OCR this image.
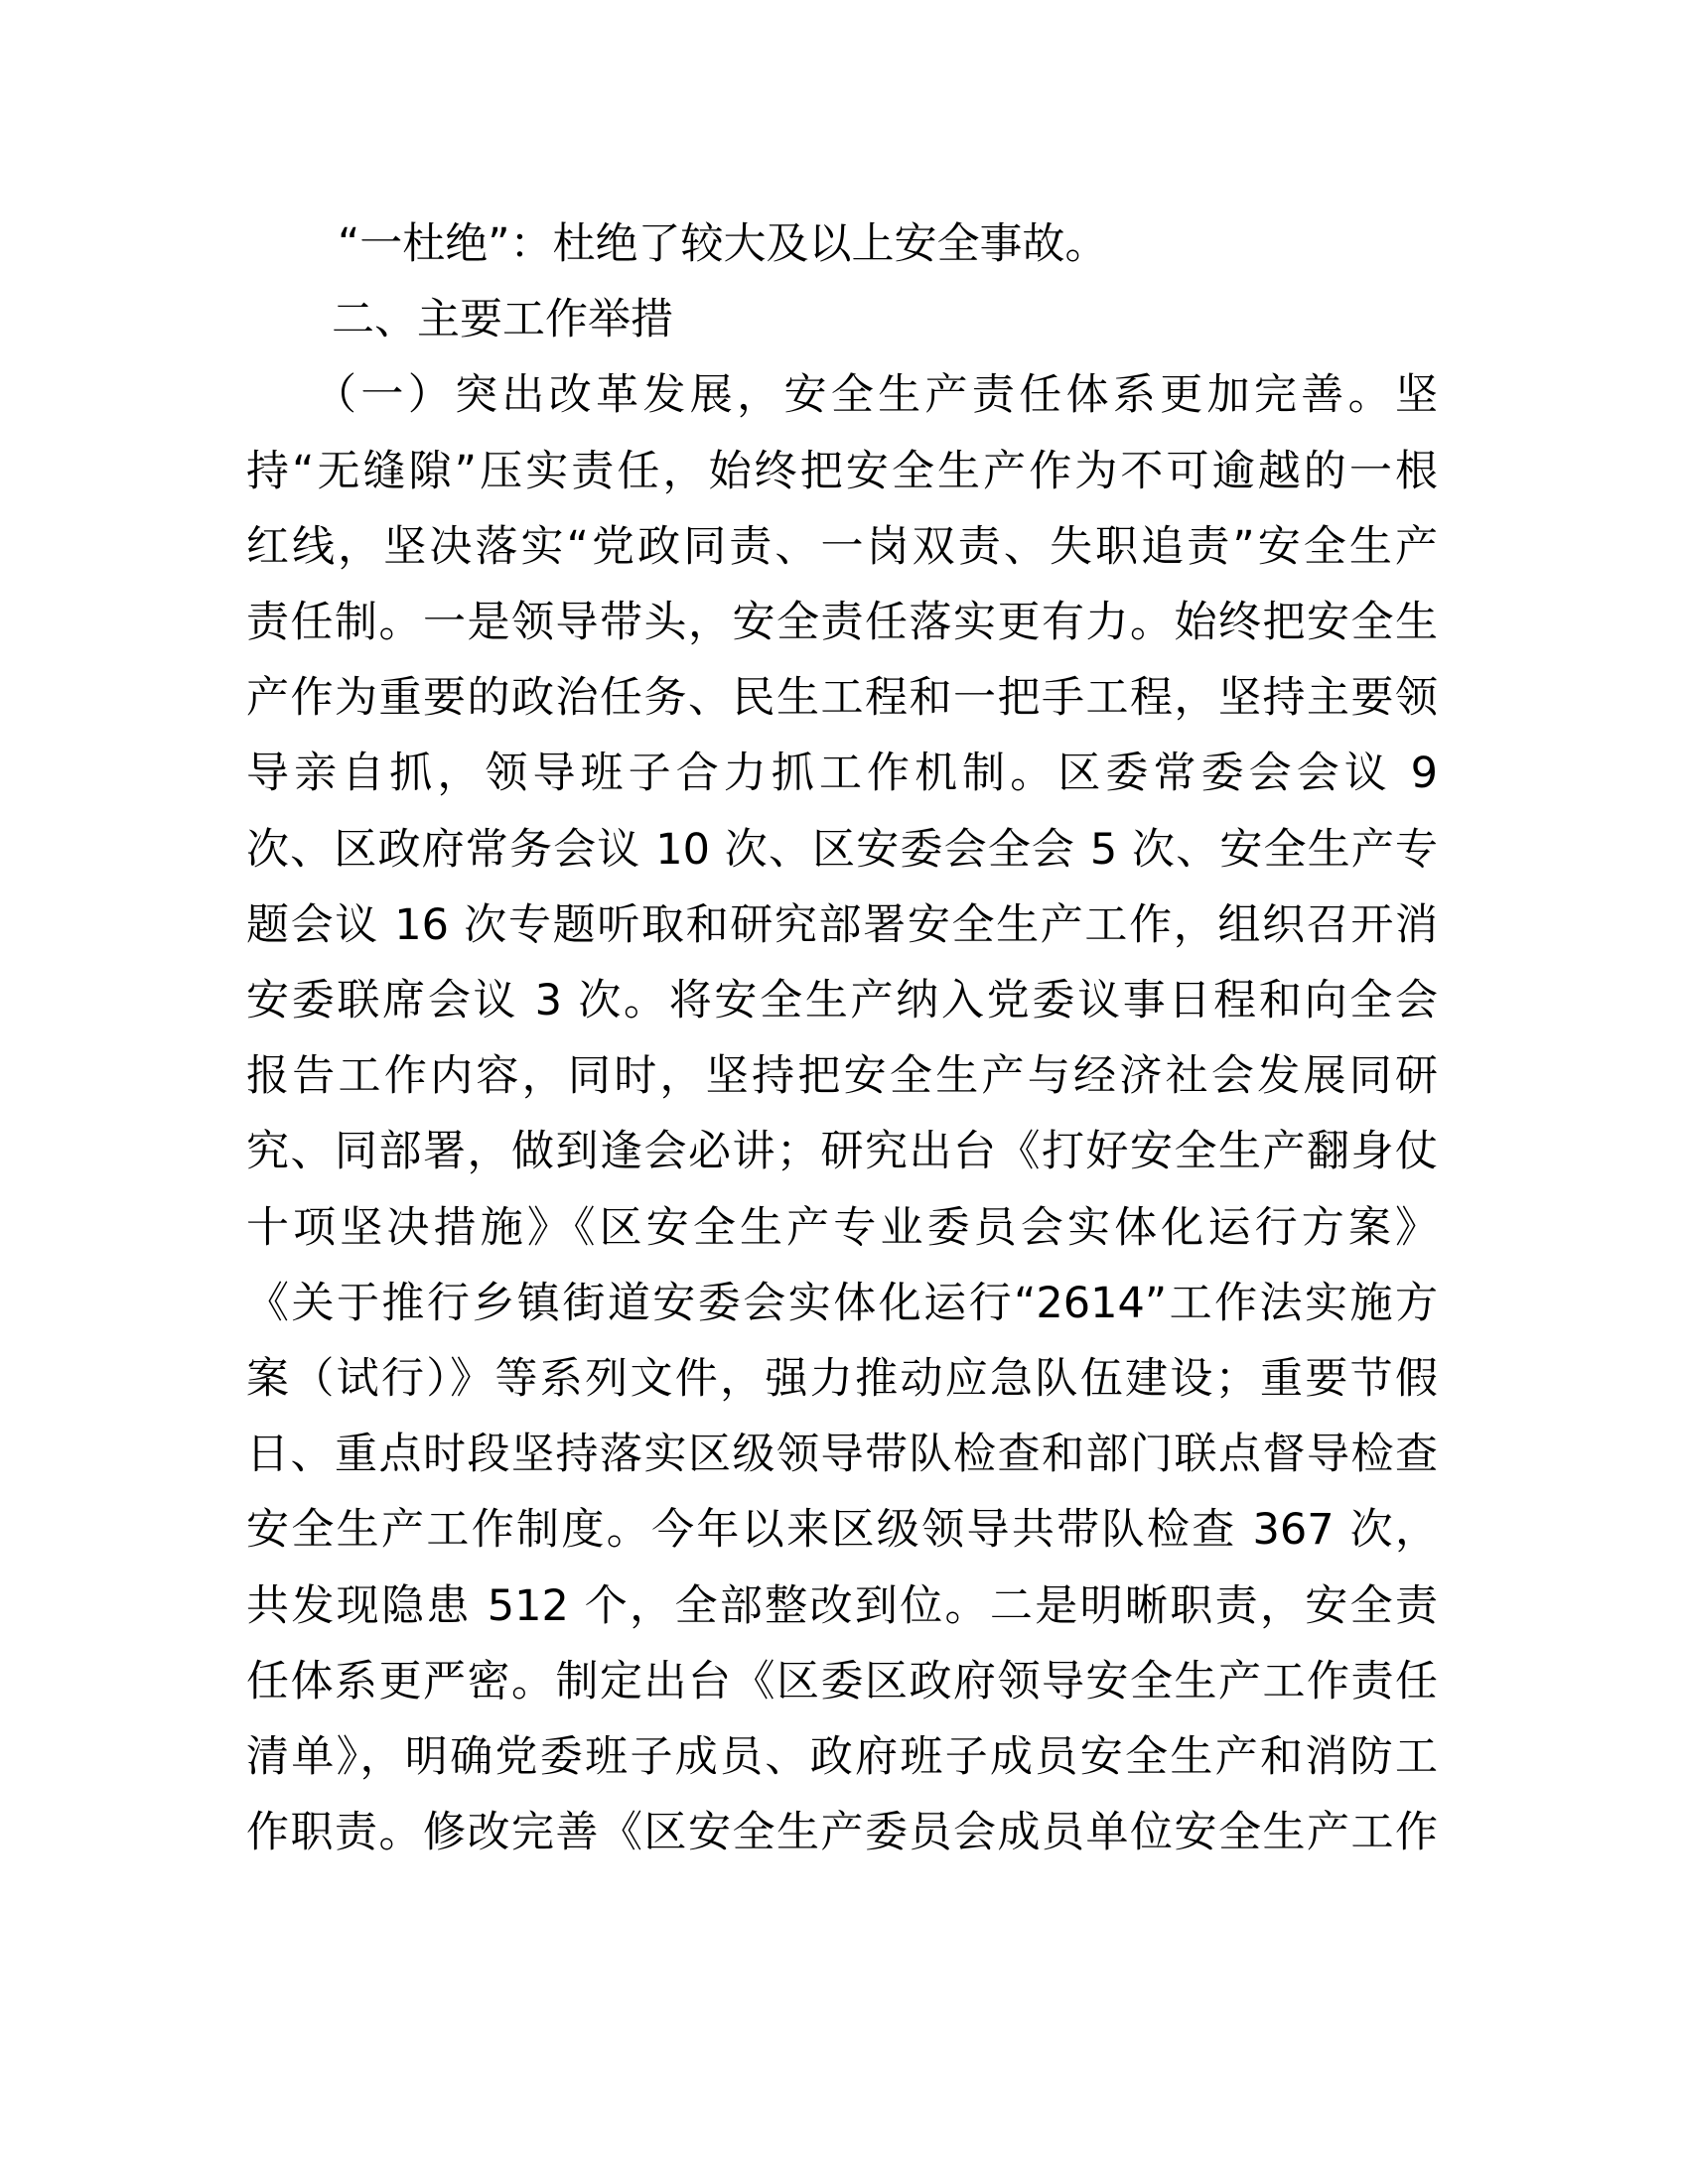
“一杜绝”：杜绝了较大及以上安全事故。
二、主要工作举措
（一）突出改革发展，安全生产责任体系更加完善。坚
持“无缝隙”压实责任，始终把安全生产作为不可逾越的一根
红线，坚决落实“党政同责、一岗双责、失职追责”安全生产
责任制。一是领导带头，安全责任落实更有力。始终把安全生
产作为重要的政治任务、民生工程和一把手工程，坚持主要领
导亲自抓，领导班子合力抓工作机制。区委常委会会议 9
次、区政府常务会议 10 次、区安委会全会 5 次、安全生产专
题会议 16 次专题听取和研究部署安全生产工作，组织召开消
安委联席会议 3 次。将安全生产纳入党委议事日程和向全会
报告工作内容，同时，坚持把安全生产与经济社会发展同研
究、同部署，做到逢会必讲；研究出台《打好安全生产翻身仗
十项坚决措施》《区安全生产专业委员会实体化运行方案》
《关于推行乡镇街道安委会实体化运行“2614”工作法实施方
案（试行）》等系列文件，强力推动应急队伍建设；重要节假
日、重点时段坚持落实区级领导带队检查和部门联点督导检查
安全生产工作制度。今年以来区级领导共带队检查 367 次，
共发现隐患 512 个，全部整改到位。二是明晰职责，安全责
任体系更严密。制定出台《区委区政府领导安全生产工作责任
清单》，明确党委班子成员、政府班子成员安全生产和消防工
作职责。修改完善《区安全生产委员会成员单位安全生产工作
